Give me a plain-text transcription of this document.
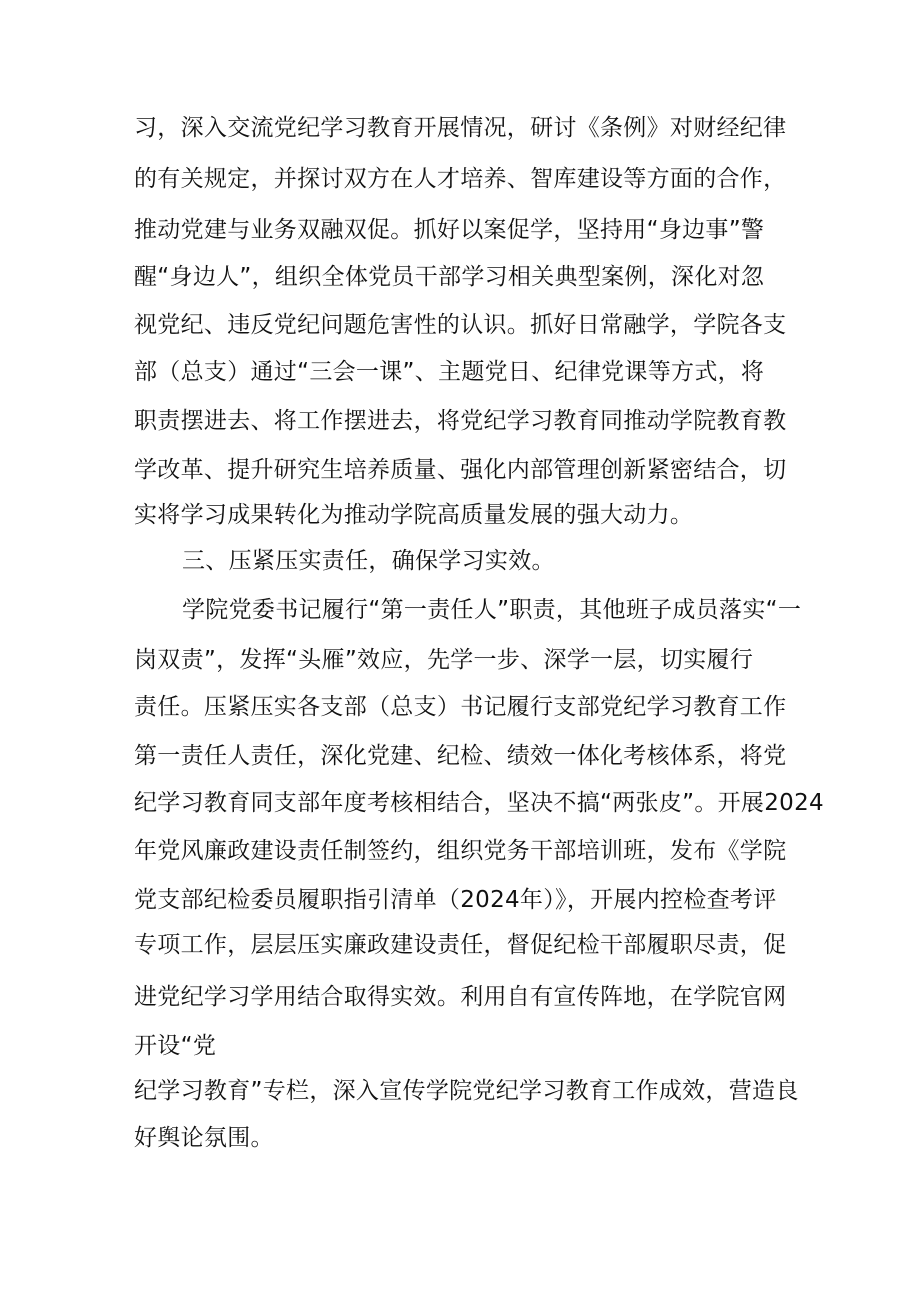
习，深入交流党纪学习教育开展情况，研讨《条例》对财经纪律
的有关规定，并探讨双方在人才培养、智库建设等方面的合作，
推动党建与业务双融双促。抓好以案促学，坚持用“身边事”警
醒“身边人”，组织全体党员干部学习相关典型案例，深化对忽
视党纪、违反党纪问题危害性的认识。抓好日常融学，学院各支
部（总支）通过“三会一课”、主题党日、纪律党课等方式，将
职责摆进去、将工作摆进去，将党纪学习教育同推动学院教育教
学改革、提升研究生培养质量、强化内部管理创新紧密结合，切
实将学习成果转化为推动学院高质量发展的强大动力。
三、压紧压实责任，确保学习实效。
学院党委书记履行“第一责任人”职责，其他班子成员落实“一
岗双责”，发挥“头雁”效应，先学一步、深学一层，切实履行
责任。压紧压实各支部（总支）书记履行支部党纪学习教育工作
第一责任人责任，深化党建、纪检、绩效一体化考核体系，将党
纪学习教育同支部年度考核相结合，坚决不搞“两张皮”。开展2024
年党风廉政建设责任制签约，组织党务干部培训班，发布《学院
党支部纪检委员履职指引清单（2024年）》，开展内控检查考评
专项工作，层层压实廉政建设责任，督促纪检干部履职尽责，促
进党纪学习学用结合取得实效。利用自有宣传阵地，在学院官网
开设“党
纪学习教育”专栏，深入宣传学院党纪学习教育工作成效，营造良
好舆论氛围。
